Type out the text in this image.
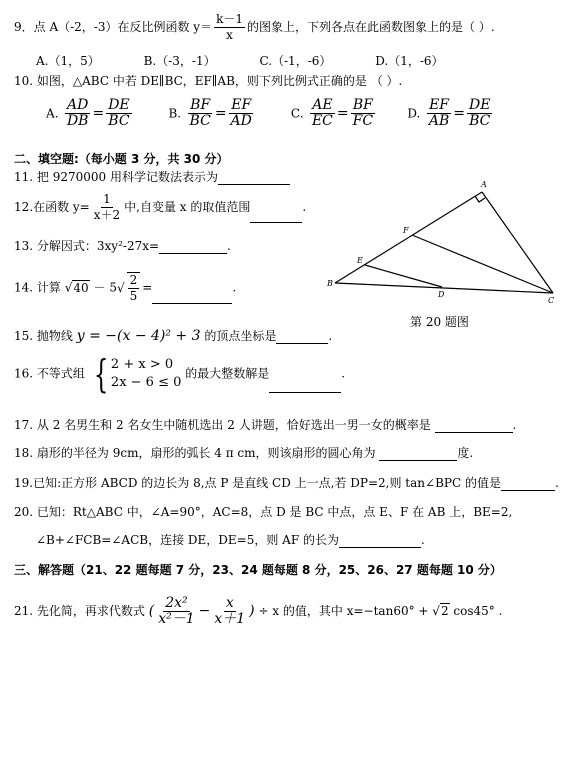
9．点 A（-2，-3）在反比例函数 $y= \frac{k-1}{x}$ 的图象上，下列各点在此函数图象上的是（ ）.
A.（1，5）	B.（-3，-1）	C.（-1，-6）	D.（1，-6）
10. 如图，△ABC 中若 DE∥BC，EF∥AB，则下列比例式正确的是 （ ）.
A. $\frac{AD}{DB} = \frac{DE}{BC}$	B. $\frac{BF}{BC} = \frac{EF}{AD}$	C. $\frac{AE}{EC} = \frac{BF}{FC}$	D. $\frac{EF}{AB} = \frac{DE}{BC}$
二、填空题:（每小题 3 分，共 30 分）
11. 把 9270000 用科学记数法表示为
12.在函数 $y= \frac{1}{x+2}$ 中,自变量 x 的取值范围	.
13. 分解因式：3xy²-27x=	.
14. 计算 $√40 - 5√ \frac{2}{5}$ =	.
15. 抛物线 y = −(x − 4)² + 3 的顶点坐标是	.
16. 不等式组 { 2 + x > 0
2x − 6 ≤ 0
的最大整数解是	.
17. 从 2 名男生和 2 名女生中随机选出 2 人讲题，恰好选出一男一女的概率是	.
18. 扇形的半径为 9cm，扇形的弧长 4 π cm，则该扇形的圆心角为	度.
19.已知:正方形 ABCD 的边长为 8,点 P 是直线 CD 上一点,若 DP=2,则 tan∠BPC 的值是	.
20. 已知：Rt△ABC 中，∠A=90°，AC=8，点 D 是 BC 中点，点 E、F 在 AB 上，BE=2,
∠B+∠FCB=∠ACB，连接 DE，DE=5，则 AF 的长为	.
三、解答题（21、22 题每题 7 分，23、24 题每题 8 分，25、26、27 题每题 10 分）
21. 先化简，再求代数式 ( $\frac{\text{2x²}}{\text{x²－1}} - \frac{x}{x+1}$ ) ÷ x 的值，其中 x=−tan60° + √2 cos45° .
A
B
C
D
E
F
第 20 题图
